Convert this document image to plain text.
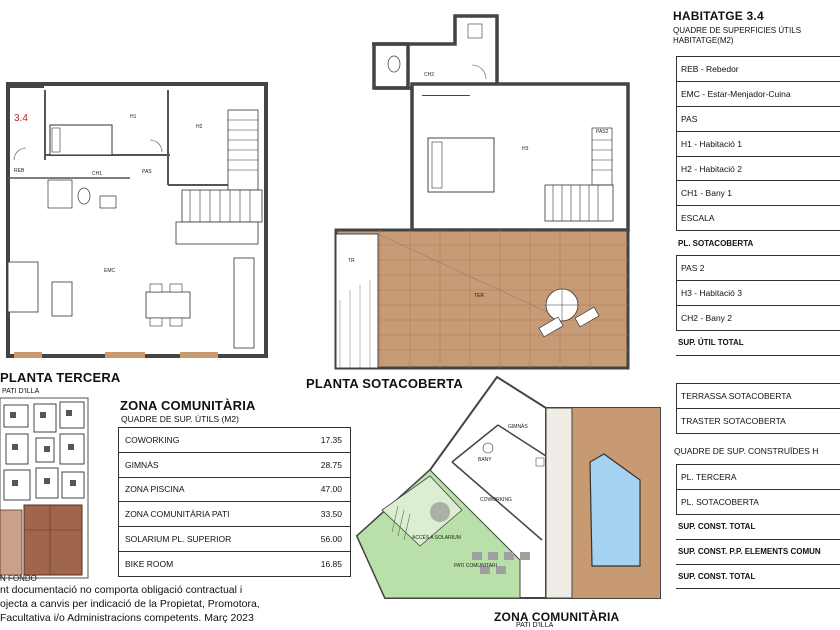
3.4
REB
H1
H2
CH1	PAS
EMC
CH2
H3
PAS2
TR
TER
GIMNÀS
BANY
COWORKING
ACCÉS A SOLARIUM
PATI COMUNITARI
PLANTA TERCERA	PLANTA SOTACOBERTA
PATI D'ILLA
N FONDO
ZONA COMUNITÀRIA
PATI D'ILLA
HABITATGE 3.4
QUADRE DE SUPERFICIES ÚTILS
HABITATGE(M2)
REB - Rebedor
EMC - Estar-Menjador-Cuina
PAS
H1 - Habitació 1
H2 - Habitació 2
CH1 - Bany 1
ESCALA
PL. SOTACOBERTA
PAS 2
H3 - Habitació 3
CH2 - Bany 2
SUP. ÚTIL TOTAL
TERRASSA SOTACOBERTA
TRASTER SOTACOBERTA
QUADRE DE SUP. CONSTRUÏDES H
PL. TERCERA
PL. SOTACOBERTA
SUP. CONST. TOTAL
SUP. CONST. P.P. ELEMENTS COMUN
SUP. CONST. TOTAL
ZONA COMUNITÀRIA
QUADRE DE SUP. ÚTILS (M2)
COWORKING	17.35
GIMNÀS	28.75
ZONA PISCINA	47.00
ZONA COMUNITÀRIA PATI	33.50
SOLARIUM PL. SUPERIOR	56.00
BIKE ROOM	16.85
nt documentació no comporta obligació contractual i
ojecta a canvis per indicació de la Propietat, Promotora,
Facultativa i/o Administracions competents. Març 2023
